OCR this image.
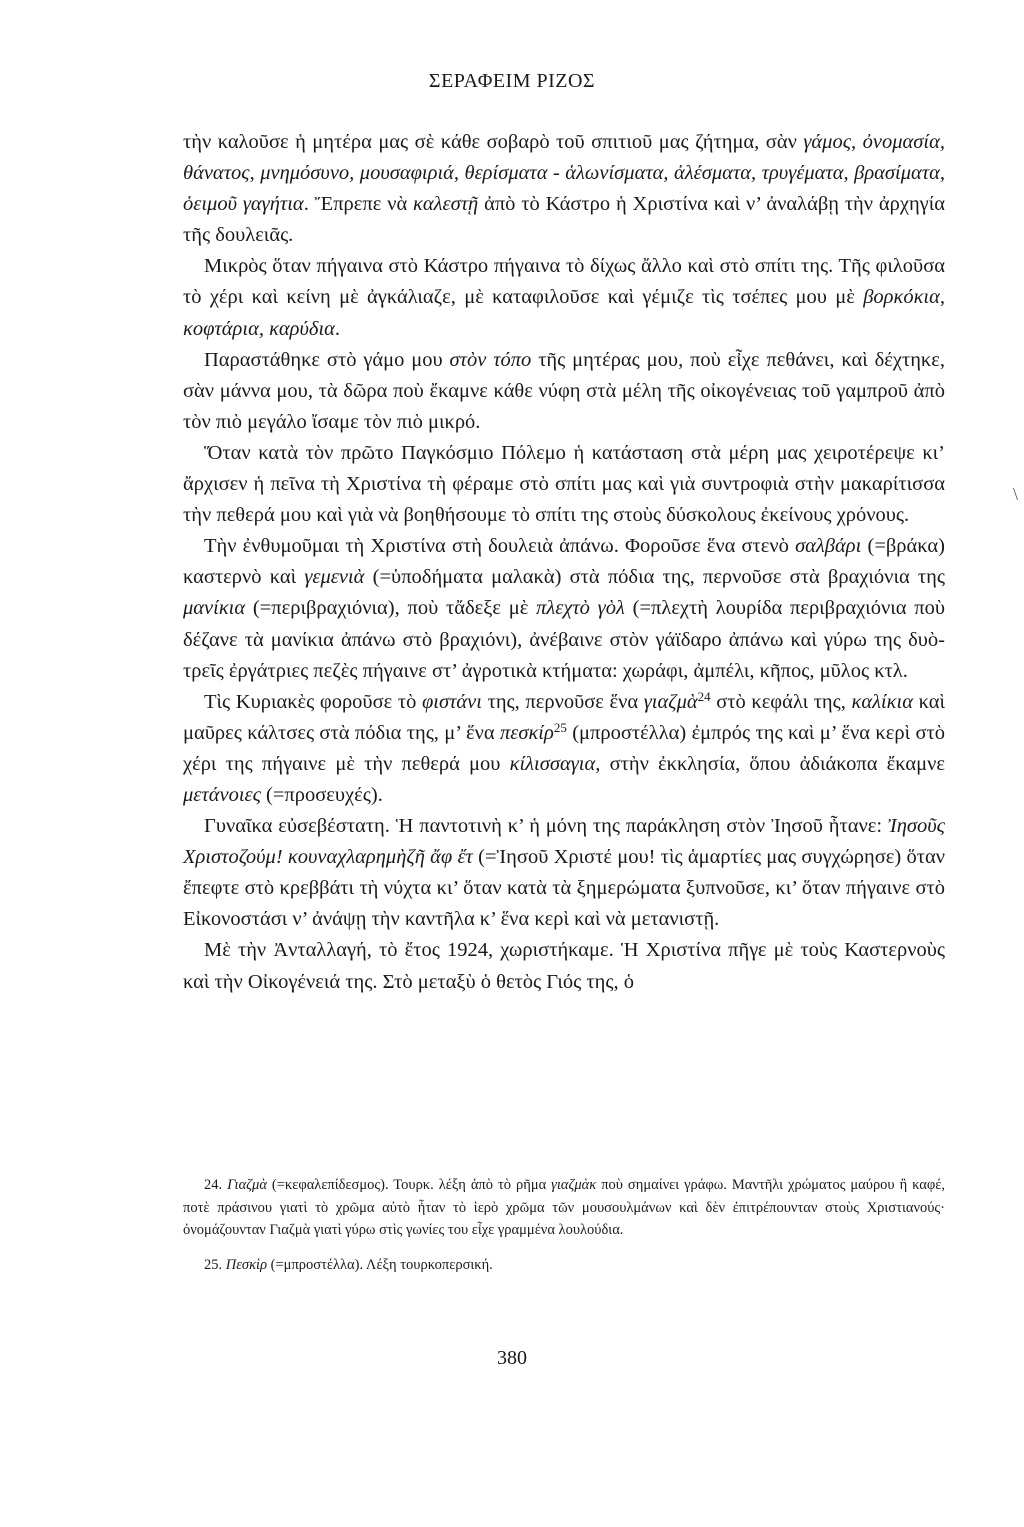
ΣΕΡΑΦΕΙΜ ΡΙΖΟΣ

τὴν καλοῦσε ἡ μητέρα μας σὲ κάθε σοβαρὸ τοῦ σπιτιοῦ μας ζήτημα, σὰν γάμος, ὀνομασία, θάνατος, μνημόσυνο, μουσαφιριά, θερίσματα - ἁλωνίσματα, ἀλέσματα, τρυγέματα, βρασίματα, ὁειμοῦ γαγήτια. Ἔπρεπε νὰ καλεστῇ ἀπὸ τὸ Κάστρο ἡ Χριστίνα καὶ ν’ ἀναλάβῃ τὴν ἀρχηγία τῆς δουλειᾶς.

Μικρὸς ὅταν πήγαινα στὸ Κάστρο πήγαινα τὸ δίχως ἄλλο καὶ στὸ σπίτι της. Τῆς φιλοῦσα τὸ χέρι καὶ κείνη μὲ ἀγκάλιαζε, μὲ καταφιλοῦσε καὶ γέμιζε τὶς τσέπες μου μὲ βορκόκια, κοφτάρια, καρύδια.

Παραστάθηκε στὸ γάμο μου στὸν τόπο τῆς μητέρας μου, ποὺ εἶχε πεθάνει, καὶ δέχτηκε, σὰν μάννα μου, τὰ δῶρα ποὺ ἔκαμνε κάθε νύφη στὰ μέλη τῆς οἰκογένειας τοῦ γαμπροῦ ἀπὸ τὸν πιὸ μεγάλο ἴσαμε τὸν πιὸ μικρό.

Ὅταν κατὰ τὸν πρῶτο Παγκόσμιο Πόλεμο ἡ κατάσταση στὰ μέρη μας χειροτέρεψε κι’ ἄρχισεν ἡ πεῖνα τὴ Χριστίνα τὴ φέραμε στὸ σπίτι μας καὶ γιὰ συντροφιὰ στὴν μακαρίτισσα τὴν πεθερά μου καὶ γιὰ νὰ βοηθήσουμε τὸ σπίτι της στοὺς δύσκολους ἐκείνους χρόνους.

Τὴν ἐνθυμοῦμαι τὴ Χριστίνα στὴ δουλειὰ ἀπάνω. Φοροῦσε ἕνα στενὸ σαλβάρι (=βράκα) καστερνὸ καὶ γεμενιὰ (=ὑποδήματα μαλακὰ) στὰ πόδια της, περνοῦσε στὰ βραχιόνια της μανίκια (=περιβραχιόνια), ποὺ τἄδεξε μὲ πλεχτὸ γὸλ (=πλεχτὴ λουρίδα περιβραχιόνια ποὺ δέζανε τὰ μανίκια ἀπάνω στὸ βραχιόνι), ἀνέβαινε στὸν γάϊδαρο ἀπάνω καὶ γύρω της δυὸ-τρεῖς ἐργάτριες πεζὲς πήγαινε στ’ ἀγροτικὰ κτήματα: χωράφι, ἀμπέλι, κῆπος, μῦλος κτλ.

Τὶς Κυριακὲς φοροῦσε τὸ φιστάνι της, περνοῦσε ἕνα γιαζμὰ$^{24}$ στὸ κεφάλι της, καλίκια καὶ μαῦρες κάλτσες στὰ πόδια της, μ’ ἕνα πεσκίρ$^{25}$ (μπροστέλλα) ἐμπρός της καὶ μ’ ἕνα κερὶ στὸ χέρι της πήγαινε μὲ τὴν πεθερά μου κίλισσαγια, στὴν ἐκκλησία, ὅπου ἀδιάκοπα ἔκαμνε μετάνοιες (=προσευχές).

Γυναῖκα εὐσεβέστατη. Ἡ παντοτινὴ κ’ ἡ μόνη της παράκληση στὸν Ἰησοῦ ἦτανε: Ἰησοῦς Χριστοζούμ! κουναχλαρημὴζῆ ἄφ ἔτ (=Ἰησοῦ Χριστέ μου! τὶς ἁμαρτίες μας συγχώρησε) ὅταν ἔπεφτε στὸ κρεββάτι τὴ νύχτα κι’ ὅταν κατὰ τὰ ξημερώματα ξυπνοῦσε, κι’ ὅταν πήγαινε στὸ Εἰκονοστάσι ν’ ἀνάψῃ τὴν καντῆλα κ’ ἕνα κερὶ καὶ νὰ μετανιστῇ.

Μὲ τὴν Ἀνταλλαγή, τὸ ἔτος 1924, χωριστήκαμε. Ἡ Χριστίνα πῆγε μὲ τοὺς Καστερνοὺς καὶ τὴν Οἰκογένειά της. Στὸ μεταξὺ ὁ θετὸς Γιός της, ὁ

24. Γιαζμὰ (=κεφαλεπίδεσμος). Τουρκ. λέξη ἀπὸ τὸ ρῆμα γιαζμὰκ ποὺ σημαίνει γράφω. Μαντῆλι χρώματος μαύρου ἢ καφέ, ποτὲ πράσινου γιατὶ τὸ χρῶμα αὐτὸ ἦταν τὸ ἱερὸ χρῶμα τῶν μουσουλμάνων καὶ δὲν ἐπιτρέπουνταν στοὺς Χριστιανούς· ὀνομάζουνταν Γιαζμὰ γιατὶ γύρω στὶς γωνίες του εἶχε γραμμένα λουλούδια.

25. Πεσκὶρ (=μπροστέλλα). Λέξη τουρκοπερσική.

380
\
